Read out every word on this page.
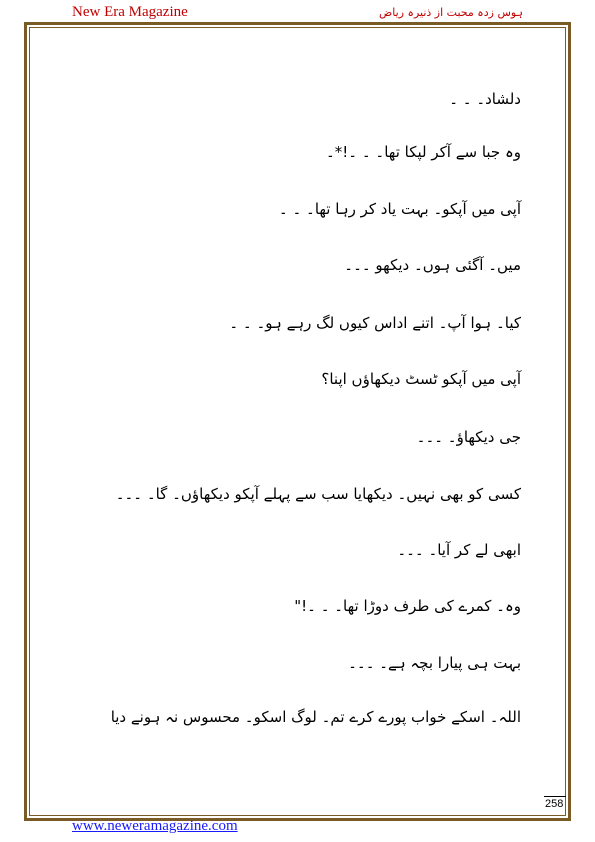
New Era Magazine	ہوس زدہ محبت از ذنیرہ ریاض
دلشاد۔ ۔ ۔
وہ جبا سے آکر لپکا تھا۔ ۔ ۔!*۔
آپی میں آپکو۔ بہت یاد کر رہا تھا۔ ۔ ۔
میں۔ آگئی ہوں۔ دیکھو ۔۔۔
کیا۔ ہوا آپ۔ اتنے اداس کیوں لگ رہے ہو۔ ۔ ۔
آپی میں آپکو ٹسٹ دیکھاؤں اپنا؟
جی دیکھاؤ۔ ۔۔۔
کسی کو بھی نہیں۔ دیکھایا سب سے پہلے آپکو دیکھاؤں۔ گا۔ ۔۔۔
ابھی لے کر آیا۔ ۔۔۔
وہ۔ کمرے کی طرف دوڑا تھا۔ ۔ ۔!"
بہت ہی پیارا بچہ ہے۔ ۔۔۔
اللہ۔ اسکے خواب پورے کرے تم۔ لوگ اسکو۔ محسوس نہ ہونے دیا
258
www.neweramagazine.com
